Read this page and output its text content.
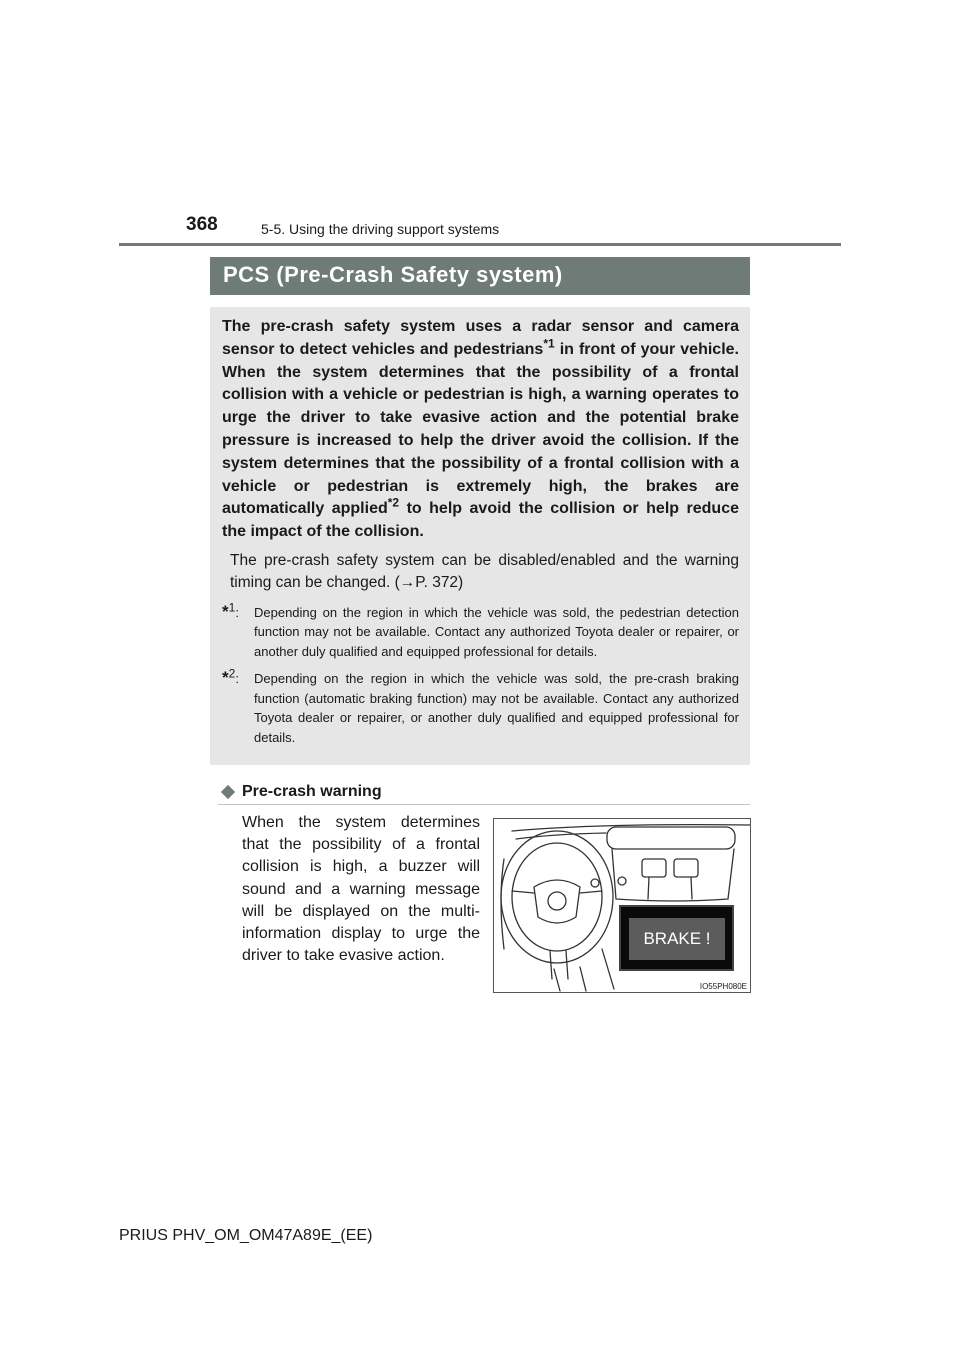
368	5-5. Using the driving support systems
PCS (Pre-Crash Safety system)

The pre-crash safety system uses a radar sensor and camera sensor to detect vehicles and pedestrians$^{*1}$ in front of your vehicle. When the system determines that the possibility of a frontal collision with a vehicle or pedestrian is high, a warning operates to urge the driver to take evasive action and the potential brake pressure is increased to help the driver avoid the collision. If the system determines that the possibility of a frontal collision with a vehicle or pedestrian is extremely high, the brakes are automatically applied$^{*2}$ to help avoid the collision or help reduce the impact of the collision.

The pre-crash safety system can be disabled/enabled and the warning timing can be changed. (→P. 372)

*$^1$: Depending on the region in which the vehicle was sold, the pedestrian detection function may not be available. Contact any authorized Toyota dealer or repairer, or another duly qualified and equipped professional for details.
*$^2$: Depending on the region in which the vehicle was sold, the pre-crash braking function (automatic braking function) may not be available. Contact any authorized Toyota dealer or repairer, or another duly qualified and equipped professional for details.
Pre-crash warning

When the system determines that the possibility of a frontal collision is high, a buzzer will sound and a warning message will be displayed on the multi-information display to urge the driver to take evasive action.

BRAKE !
IO55PH080E
PRIUS PHV_OM_OM47A89E_(EE)
